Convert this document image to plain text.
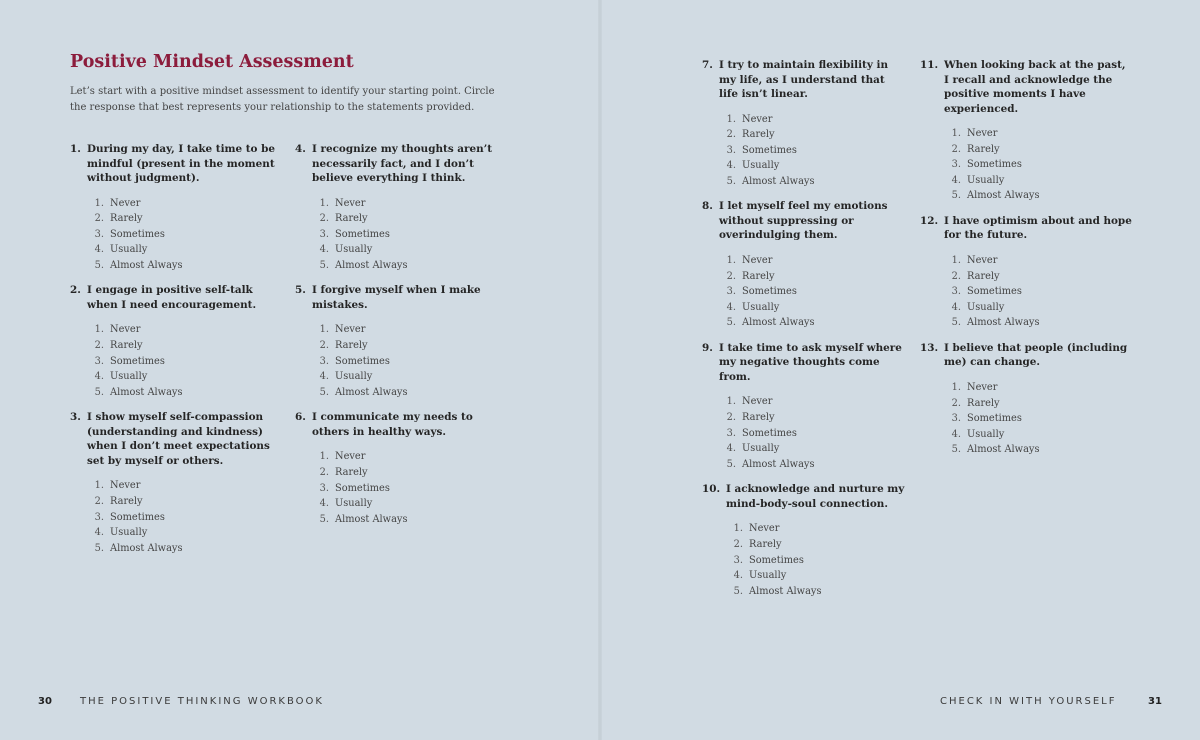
Positive Mindset Assessment

Let’s start with a positive mindset assessment to identify your starting point. Circle the response that best represents your relationship to the statements provided.

1. During my day, I take time to be mindful (present in the moment without judgment).
1 . Never
2 . Rarely
3 . Sometimes
4 . Usually
5 . Almost Always
2. I engage in positive self-talk when I need encouragement.
1 . Never
2 . Rarely
3 . Sometimes
4 . Usually
5 . Almost Always
3. I show myself self-compassion (understanding and kindness) when I don’t meet expectations set by myself or others.
1 . Never
2 . Rarely
3 . Sometimes
4 . Usually
5 . Almost Always
4. I recognize my thoughts aren’t necessarily fact, and I don’t believe everything I think.
1 . Never
2 . Rarely
3 . Sometimes
4 . Usually
5 . Almost Always
5. I forgive myself when I make mistakes.
1 . Never
2 . Rarely
3 . Sometimes
4 . Usually
5 . Almost Always
6. I communicate my needs to others in healthy ways.
1 . Never
2 . Rarely
3 . Sometimes
4 . Usually
5 . Almost Always
30	THE POSITIVE THINKING WORKBOOK
7. I try to maintain flexibility in my life, as I understand that life isn’t linear.
1 . Never
2 . Rarely
3 . Sometimes
4 . Usually
5 . Almost Always
8. I let myself feel my emotions without suppressing or overindulging them.
1 . Never
2 . Rarely
3 . Sometimes
4 . Usually
5 . Almost Always
9. I take time to ask myself where my negative thoughts come from.
1 . Never
2 . Rarely
3 . Sometimes
4 . Usually
5 . Almost Always
10. I acknowledge and nurture my mind-body-soul connection.
1 . Never
2 . Rarely
3 . Sometimes
4 . Usually
5 . Almost Always
11. When looking back at the past, I recall and acknowledge the positive moments I have experienced.
1 . Never
2 . Rarely
3 . Sometimes
4 . Usually
5 . Almost Always
12. I have optimism about and hope for the future.
1 . Never
2 . Rarely
3 . Sometimes
4 . Usually
5 . Almost Always
13. I believe that people (including me) can change.
1 . Never
2 . Rarely
3 . Sometimes
4 . Usually
5 . Almost Always
CHECK IN WITH YOURSELF	31
